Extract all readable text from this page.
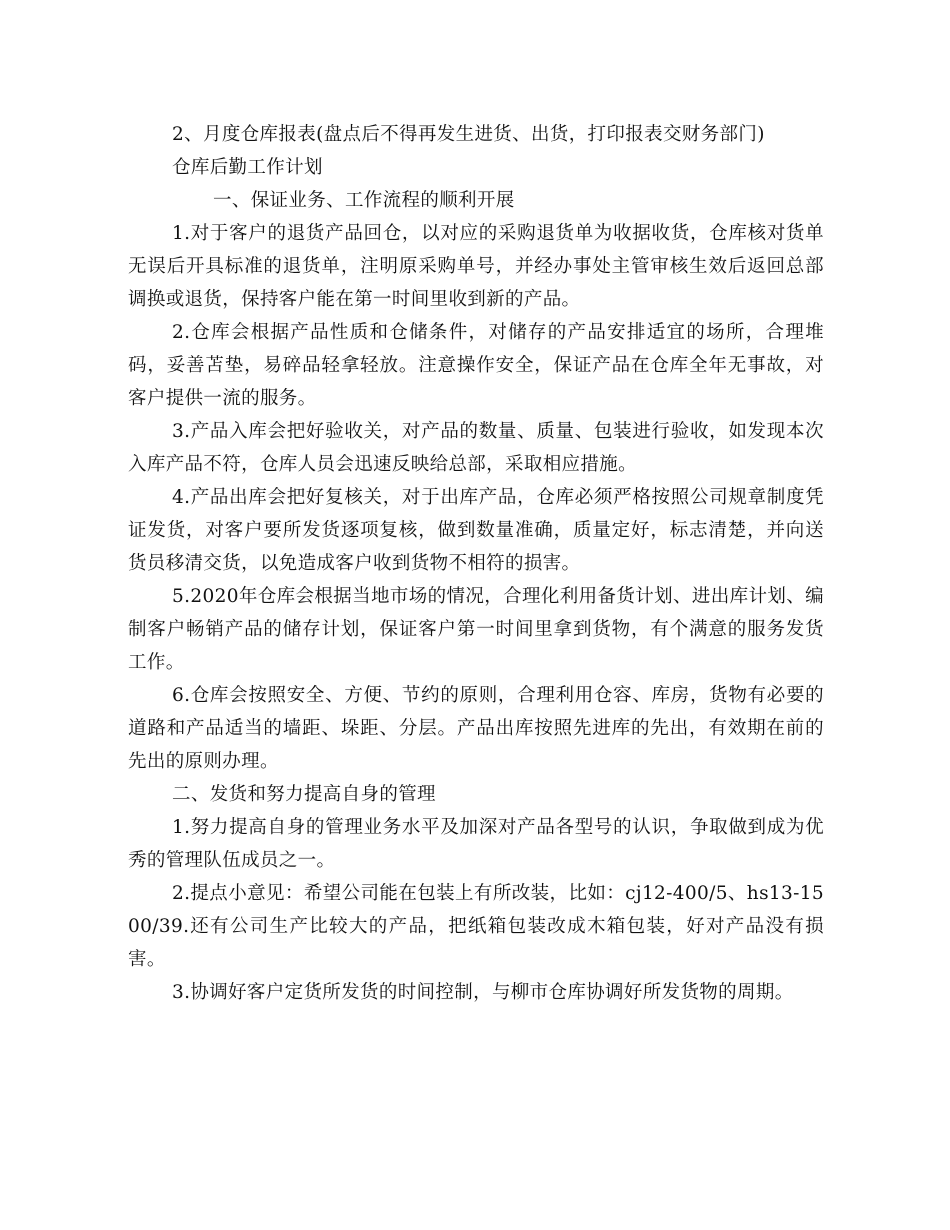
2、月度仓库报表(盘点后不得再发生进货、出货，打印报表交财务部门)

仓库后勤工作计划

一、保证业务、工作流程的顺利开展

1.对于客户的退货产品回仓，以对应的采购退货单为收据收货，仓库核对货单无误后开具标准的退货单，注明原采购单号，并经办事处主管审核生效后返回总部调换或退货，保持客户能在第一时间里收到新的产品。

2.仓库会根据产品性质和仓储条件，对储存的产品安排适宜的场所，合理堆码，妥善苫垫，易碎品轻拿轻放。注意操作安全，保证产品在仓库全年无事故，对客户提供一流的服务。

3.产品入库会把好验收关，对产品的数量、质量、包装进行验收，如发现本次入库产品不符，仓库人员会迅速反映给总部，采取相应措施。

4.产品出库会把好复核关，对于出库产品，仓库必须严格按照公司规章制度凭证发货，对客户要所发货逐项复核，做到数量准确，质量定好，标志清楚，并向送货员移清交货，以免造成客户收到货物不相符的损害。

5.2020年仓库会根据当地市场的情况，合理化利用备货计划、进出库计划、编制客户畅销产品的储存计划，保证客户第一时间里拿到货物，有个满意的服务发货工作。

6.仓库会按照安全、方便、节约的原则，合理利用仓容、库房，货物有必要的道路和产品适当的墙距、垛距、分层。产品出库按照先进库的先出，有效期在前的先出的原则办理。

二、发货和努力提高自身的管理

1.努力提高自身的管理业务水平及加深对产品各型号的认识，争取做到成为优秀的管理队伍成员之一。

2.提点小意见：希望公司能在包装上有所改装，比如：cj12-400/5、hs13-1500/39.还有公司生产比较大的产品，把纸箱包装改成木箱包装，好对产品没有损害。

3.协调好客户定货所发货的时间控制，与柳市仓库协调好所发货物的周期。
